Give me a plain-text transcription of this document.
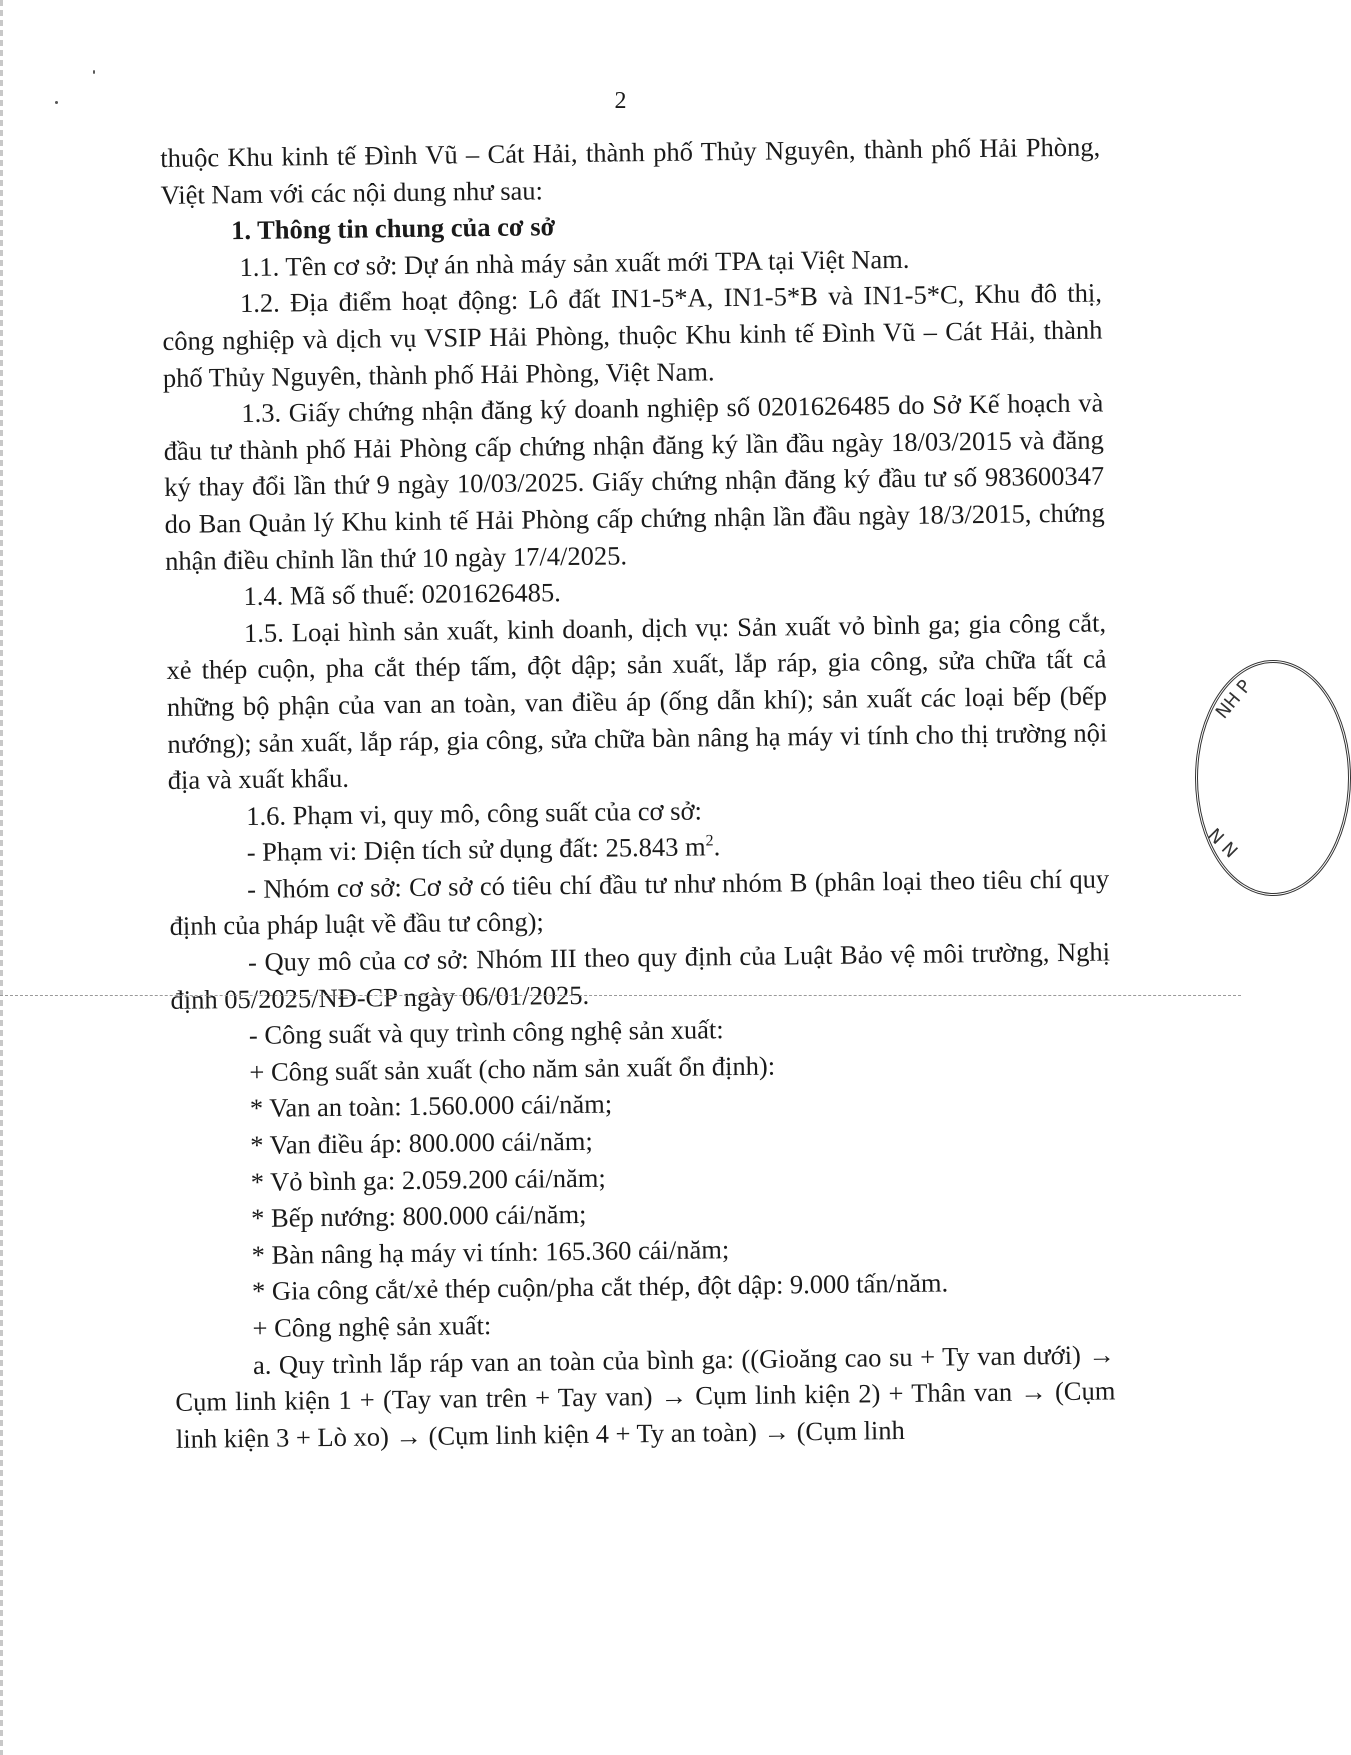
2

thuộc Khu kinh tế Đình Vũ – Cát Hải, thành phố Thủy Nguyên, thành phố Hải Phòng, Việt Nam với các nội dung như sau:

1. Thông tin chung của cơ sở

1.1. Tên cơ sở: Dự án nhà máy sản xuất mới TPA tại Việt Nam.

1.2. Địa điểm hoạt động: Lô đất IN1-5*A, IN1-5*B và IN1-5*C, Khu đô thị, công nghiệp và dịch vụ VSIP Hải Phòng, thuộc Khu kinh tế Đình Vũ – Cát Hải, thành phố Thủy Nguyên, thành phố Hải Phòng, Việt Nam.

1.3. Giấy chứng nhận đăng ký doanh nghiệp số 0201626485 do Sở Kế hoạch và đầu tư thành phố Hải Phòng cấp chứng nhận đăng ký lần đầu ngày 18/03/2015 và đăng ký thay đổi lần thứ 9 ngày 10/03/2025. Giấy chứng nhận đăng ký đầu tư số 983600347 do Ban Quản lý Khu kinh tế Hải Phòng cấp chứng nhận lần đầu ngày 18/3/2015, chứng nhận điều chỉnh lần thứ 10 ngày 17/4/2025.

1.4. Mã số thuế: 0201626485.

1.5. Loại hình sản xuất, kinh doanh, dịch vụ: Sản xuất vỏ bình ga; gia công cắt, xẻ thép cuộn, pha cắt thép tấm, đột dập; sản xuất, lắp ráp, gia công, sửa chữa tất cả những bộ phận của van an toàn, van điều áp (ống dẫn khí); sản xuất các loại bếp (bếp nướng); sản xuất, lắp ráp, gia công, sửa chữa bàn nâng hạ máy vi tính cho thị trường nội địa và xuất khẩu.

1.6. Phạm vi, quy mô, công suất của cơ sở:

- Phạm vi: Diện tích sử dụng đất: 25.843 $m^2$.

- Nhóm cơ sở: Cơ sở có tiêu chí đầu tư như nhóm B (phân loại theo tiêu chí quy định của pháp luật về đầu tư công);

- Quy mô của cơ sở: Nhóm III theo quy định của Luật Bảo vệ môi trường, Nghị định 05/2025/NĐ-CP ngày 06/01/2025.

- Công suất và quy trình công nghệ sản xuất:

+ Công suất sản xuất (cho năm sản xuất ổn định):

* Van an toàn: 1.560.000 cái/năm;

* Van điều áp: 800.000 cái/năm;

* Vỏ bình ga: 2.059.200 cái/năm;

* Bếp nướng: 800.000 cái/năm;

* Bàn nâng hạ máy vi tính: 165.360 cái/năm;

* Gia công cắt/xẻ thép cuộn/pha cắt thép, đột dập: 9.000 tấn/năm.

+ Công nghệ sản xuất:

a. Quy trình lắp ráp van an toàn của bình ga: ((Gioăng cao su + Ty van dưới) → Cụm linh kiện 1 + (Tay van trên + Tay van) → Cụm linh kiện 2) + Thân van → (Cụm linh kiện 3 + Lò xo) → (Cụm linh kiện 4 + Ty an toàn) → (Cụm linh

NH P
N N
